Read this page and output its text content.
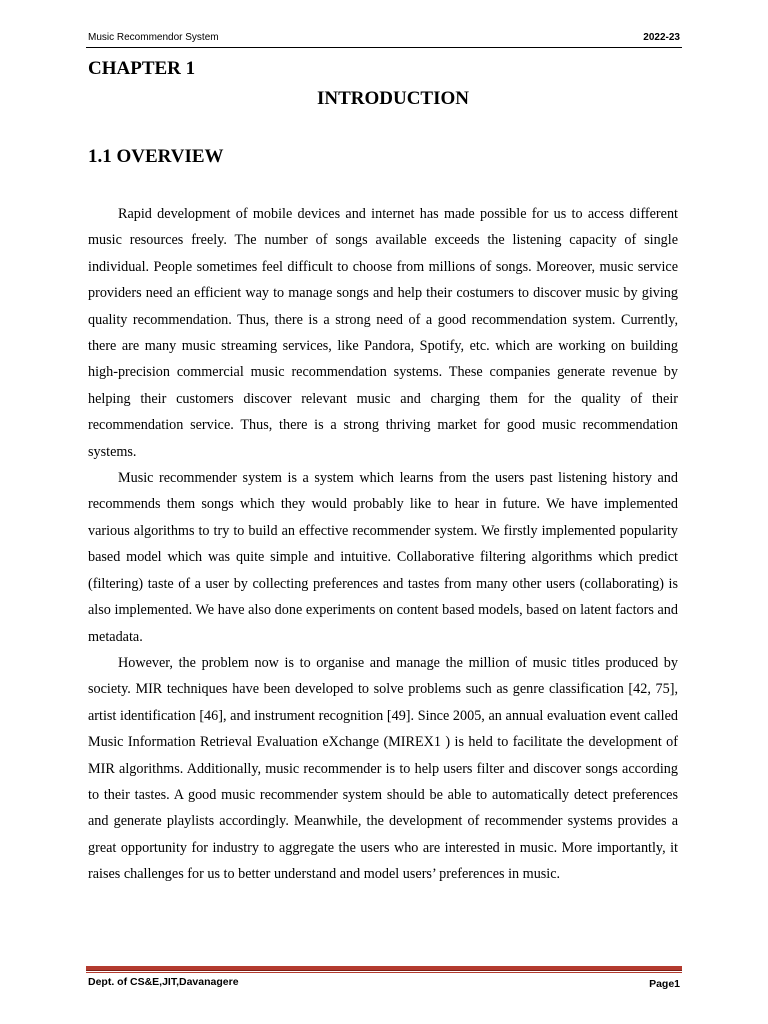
Music Recommendor System	2022-23
CHAPTER 1
INTRODUCTION
1.1 OVERVIEW

Rapid development of mobile devices and internet has made possible for us to access different music resources freely. The number of songs available exceeds the listening capacity of single individual. People sometimes feel difficult to choose from millions of songs. Moreover, music service providers need an efficient way to manage songs and help their costumers to discover music by giving quality recommendation. Thus, there is a strong need of a good recommendation system. Currently, there are many music streaming services, like Pandora, Spotify, etc. which are working on building high-precision commercial music recommendation systems. These companies generate revenue by helping their customers discover relevant music and charging them for the quality of their recommendation service. Thus, there is a strong thriving market for good music recommendation systems.

Music recommender system is a system which learns from the users past listening history and recommends them songs which they would probably like to hear in future. We have implemented various algorithms to try to build an effective recommender system. We firstly implemented popularity based model which was quite simple and intuitive. Collaborative filtering algorithms which predict (filtering) taste of a user by collecting preferences and tastes from many other users (collaborating) is also implemented. We have also done experiments on content based models, based on latent factors and metadata.

However, the problem now is to organise and manage the million of music titles produced by society. MIR techniques have been developed to solve problems such as genre classification [42, 75], artist identification [46], and instrument recognition [49]. Since 2005, an annual evaluation event called Music Information Retrieval Evaluation eXchange (MIREX1 ) is held to facilitate the development of MIR algorithms. Additionally, music recommender is to help users filter and discover songs according to their tastes. A good music recommender system should be able to automatically detect preferences and generate playlists accordingly. Meanwhile, the development of recommender systems provides a great opportunity for industry to aggregate the users who are interested in music. More importantly, it raises challenges for us to better understand and model users’ preferences in music.

Dept. of CS&E,JIT,Davanagere	Page1
